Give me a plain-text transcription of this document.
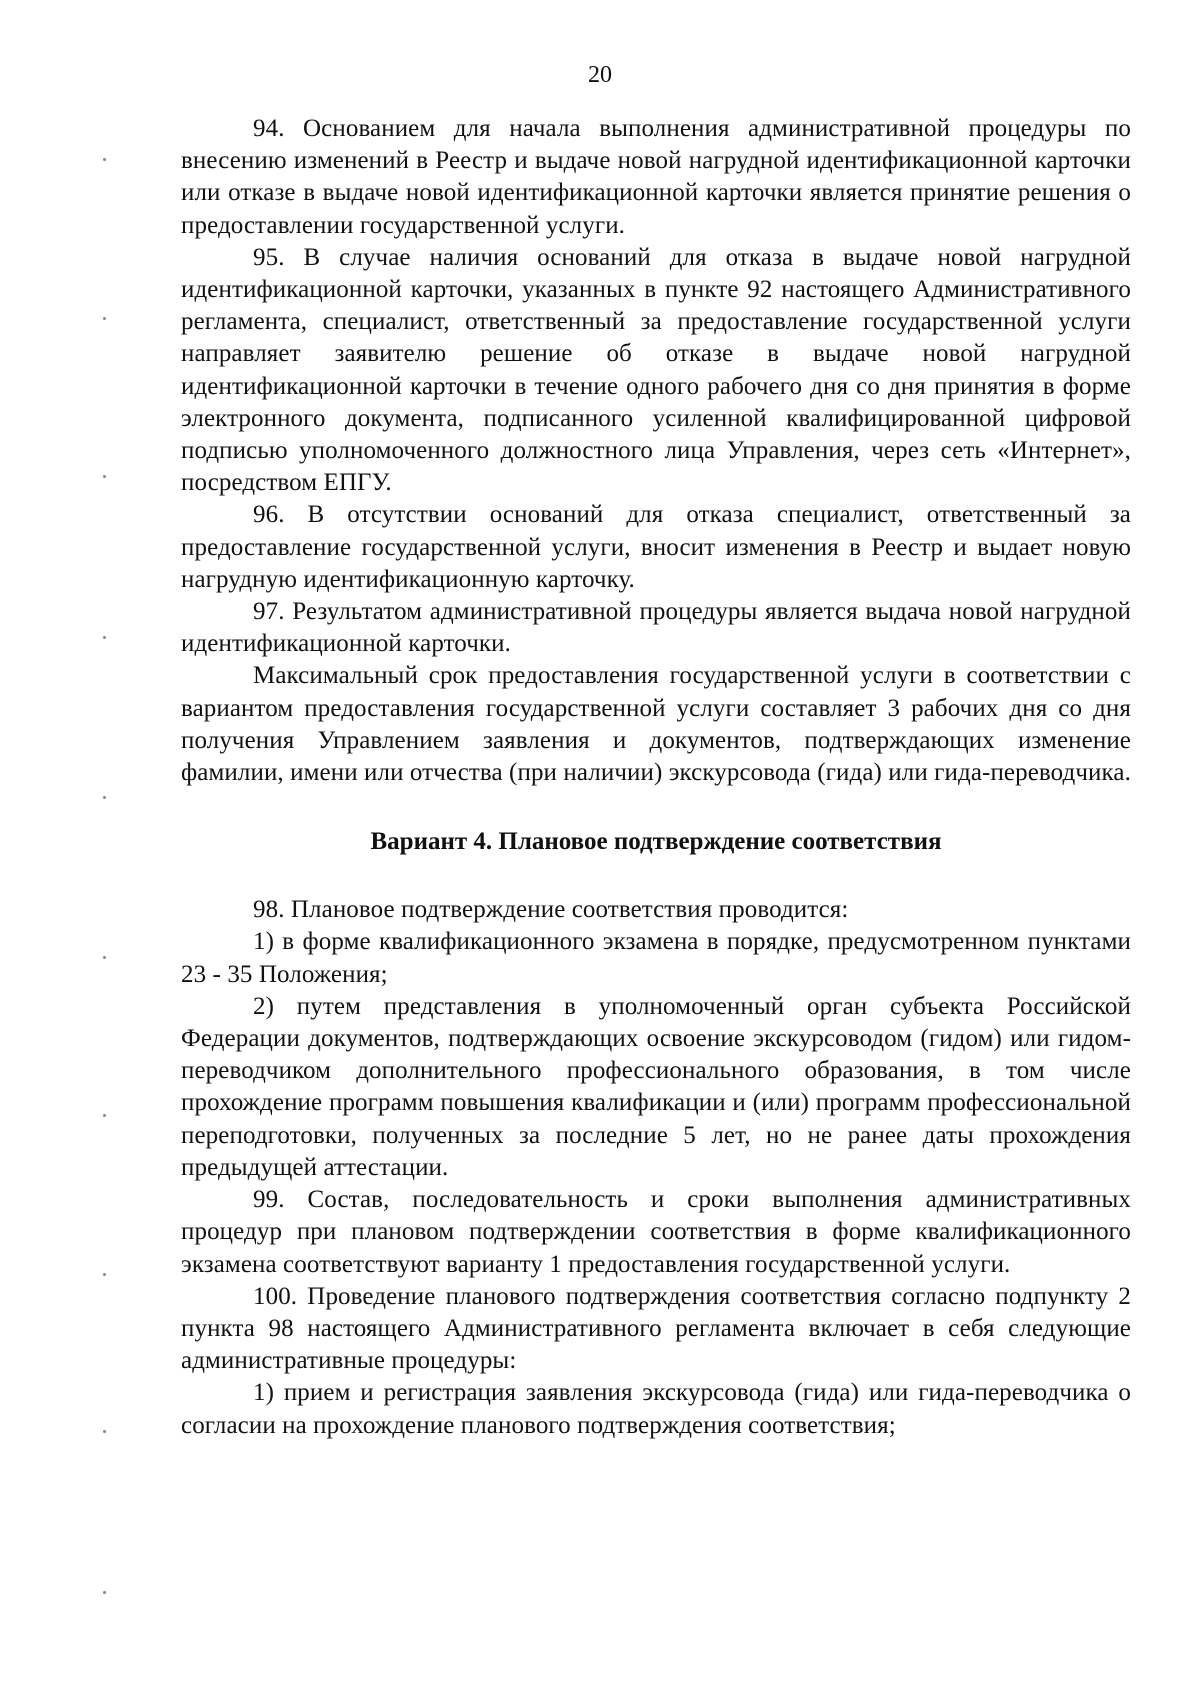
20

94. Основанием для начала выполнения административной процедуры по внесению изменений в Реестр и выдаче новой нагрудной идентификационной карточки или отказе в выдаче новой идентификационной карточки является принятие решения о предоставлении государственной услуги.

95. В случае наличия оснований для отказа в выдаче новой нагрудной идентификационной карточки, указанных в пункте 92 настоящего Административного регламента, специалист, ответственный за предоставление государственной услуги направляет заявителю решение об отказе в выдаче новой нагрудной идентификационной карточки в течение одного рабочего дня со дня принятия в форме электронного документа, подписанного усиленной квалифицированной цифровой подписью уполномоченного должностного лица Управления, через сеть «Интернет», посредством ЕПГУ.

96. В отсутствии оснований для отказа специалист, ответственный за предоставление государственной услуги, вносит изменения в Реестр и выдает новую нагрудную идентификационную карточку.

97. Результатом административной процедуры является выдача новой нагрудной идентификационной карточки.

Максимальный срок предоставления государственной услуги в соответствии с вариантом предоставления государственной услуги составляет 3 рабочих дня со дня получения Управлением заявления и документов, подтверждающих изменение фамилии, имени или отчества (при наличии) экскурсовода (гида) или гида-переводчика.

Вариант 4. Плановое подтверждение соответствия

98. Плановое подтверждение соответствия проводится:

1) в форме квалификационного экзамена в порядке, предусмотренном пунктами 23 - 35 Положения;

2) путем представления в уполномоченный орган субъекта Российской Федерации документов, подтверждающих освоение экскурсоводом (гидом) или гидом-переводчиком дополнительного профессионального образования, в том числе прохождение программ повышения квалификации и (или) программ профессиональной переподготовки, полученных за последние 5 лет, но не ранее даты прохождения предыдущей аттестации.

99. Состав, последовательность и сроки выполнения административных процедур при плановом подтверждении соответствия в форме квалификационного экзамена соответствуют варианту 1 предоставления государственной услуги.

100. Проведение планового подтверждения соответствия согласно подпункту 2 пункта 98 настоящего Административного регламента включает в себя следующие административные процедуры:

1) прием и регистрация заявления экскурсовода (гида) или гида-переводчика о согласии на прохождение планового подтверждения соответствия;
